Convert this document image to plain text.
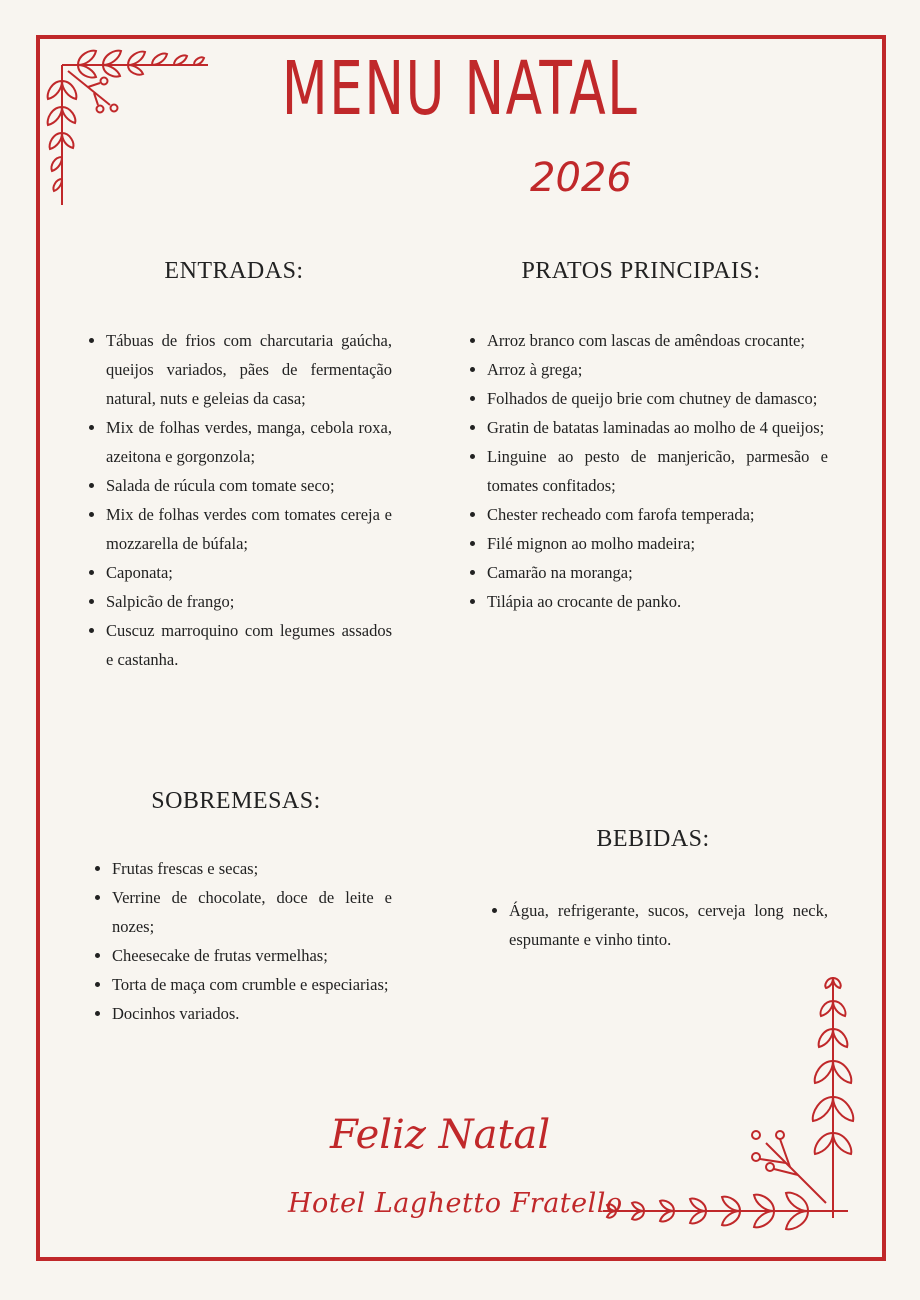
MENU NATAL
2026
ENTRADAS:
• Tábuas de frios com charcutaria gaúcha, queijos variados, pães de fermentação natural, nuts e geleias da casa;
• Mix de folhas verdes, manga, cebola roxa, azeitona e gorgonzola;
• Salada de rúcula com tomate seco;
• Mix de folhas verdes com tomates cereja e mozzarella de búfala;
• Caponata;
• Salpicão de frango;
• Cuscuz marroquino com legumes assados e castanha.
PRATOS PRINCIPAIS:
• Arroz branco com lascas de amêndoas crocante;
• Arroz à grega;
• Folhados de queijo brie com chutney de damasco;
• Gratin de batatas laminadas ao molho de 4 queijos;
• Linguine ao pesto de manjericão, parmesão e tomates confitados;
• Chester recheado com farofa temperada;
• Filé mignon ao molho madeira;
• Camarão na moranga;
• Tilápia ao crocante de panko.
SOBREMESAS:
• Frutas frescas e secas;
• Verrine de chocolate, doce de leite e nozes;
• Cheesecake de frutas vermelhas;
• Torta de maça com crumble e especiarias;
• Docinhos variados.
BEBIDAS:
• Água, refrigerante, sucos, cerveja long neck, espumante e vinho tinto.
Feliz Natal
Hotel Laghetto Fratello
